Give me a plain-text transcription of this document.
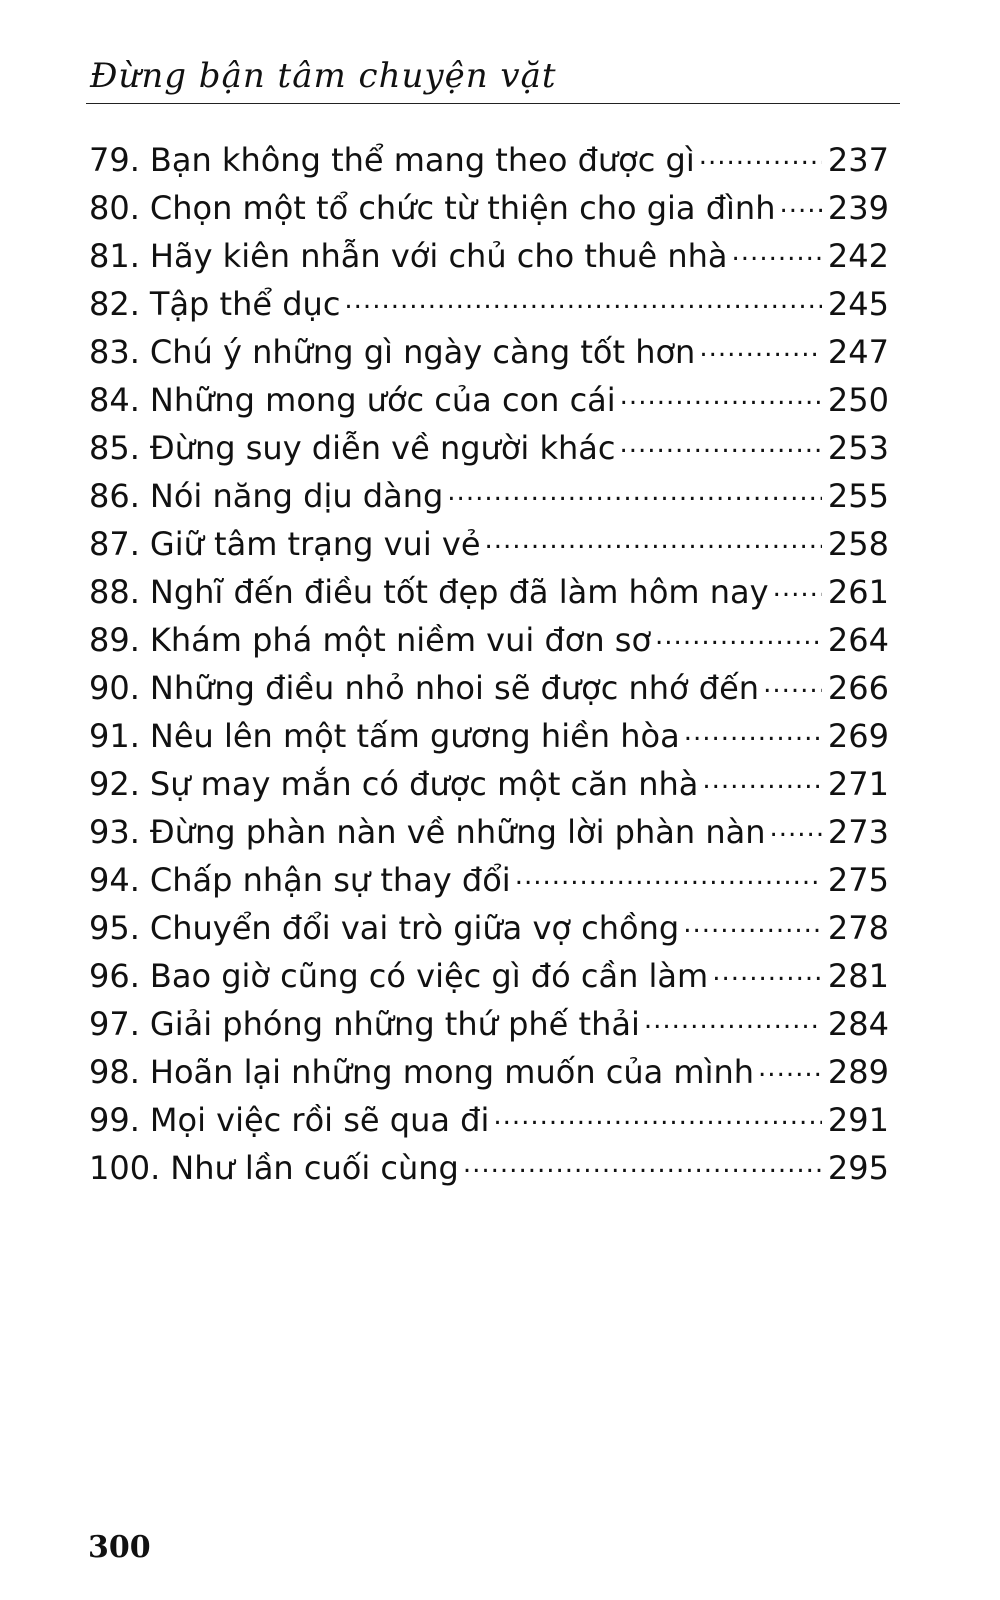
Đừng bận tâm chuyện vặt
79. Bạn không thể mang theo được gì .....	237
80. Chọn một tổ chức từ thiện cho gia đình ..... 239
81. Hãy kiên nhẫn với chủ cho thuê nhà .....	242
82. Tập thể dục .....	245
83. Chú ý những gì ngày càng tốt hơn .....	247
84. Những mong ước của con cái .....	250
85. Đừng suy diễn về người khác .....	253
86. Nói năng dịu dàng .....	255
87. Giữ tâm trạng vui vẻ .....	258
88. Nghĩ đến điều tốt đẹp đã làm hôm nay ..... 261
89. Khám phá một niềm vui đơn sơ .....	264
90. Những điều nhỏ nhoi sẽ được nhớ đến ..... 266
91. Nêu lên một tấm gương hiền hòa .....	269
92. Sự may mắn có được một căn nhà .....	271
93. Đừng phàn nàn về những lời phàn nàn ..... 273
94. Chấp nhận sự thay đổi .....	275
95. Chuyển đổi vai trò giữa vợ chồng .....	278
96. Bao giờ cũng có việc gì đó cần làm .....	281
97. Giải phóng những thứ phế thải .....	284
98. Hoãn lại những mong muốn của mình ..... 289
99. Mọi việc rồi sẽ qua đi .....	291
100. Như lần cuối cùng .....	295
300
